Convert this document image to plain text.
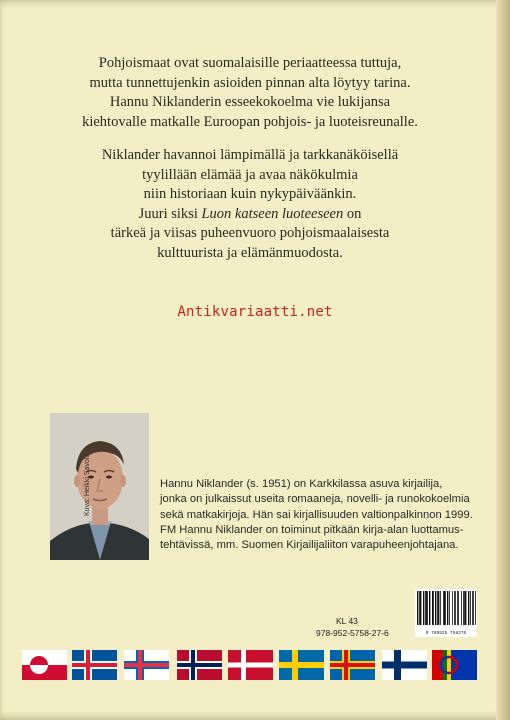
Pohjoismaat ovat suomalaisille periaatteessa tuttuja,

mutta tunnettujenkin asioiden pinnan alta löytyy tarina.

Hannu Niklanderin esseekokoelma vie lukijansa

kiehtovalle matkalle Euroopan pohjois- ja luoteisreunalle.

Niklander havannoi lämpimällä ja tarkkanäköisellä

tyylillään elämää ja avaa näkökulmia

niin historiaan kuin nykypäiväänkin.

Juuri siksi Luon katseen luoteeseen on

tärkeä ja viisas puheenvuoro pohjoismaalaisesta

kulttuurista ja elämänmuodosta.

Antikvariaatti.net
Kuva: Heikki Savola	Hannu Niklander (s. 1951) on Karkkilassa asuva kirjailija,

jonka on julkaissut useita romaaneja, novelli- ja runokokoelmia

sekä matkakirjoja. Hän sai kirjallisuuden valtionpalkinnon 1999.

FM Hannu Niklander on toiminut pitkään kirja-alan luottamus-

tehtävissä, mm. Suomen Kirjailijaliiton varapuheenjohtajana.

KL 43
978-952-5758-27-6	9 789525 758276
